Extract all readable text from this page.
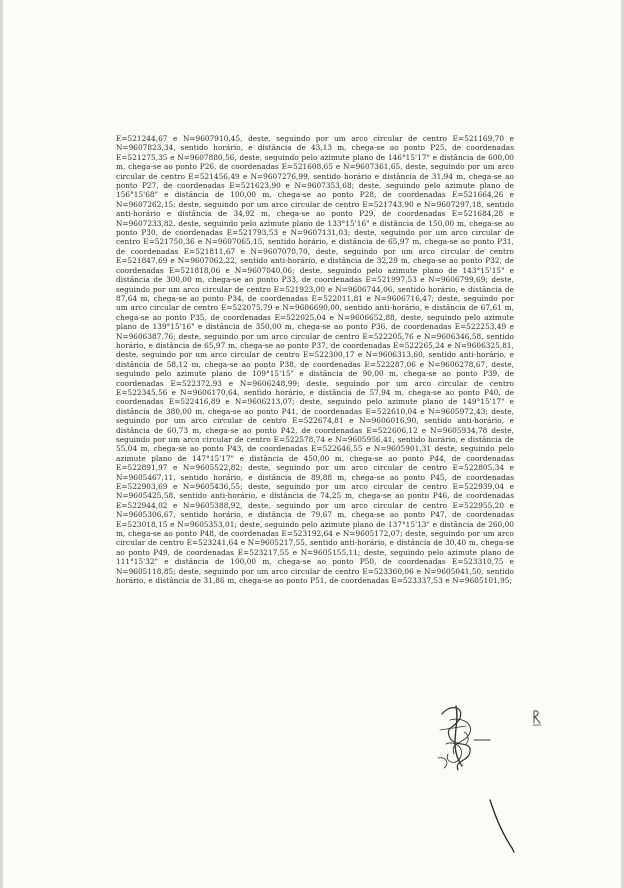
E=521244,67 e N=9607910,45, deste, seguindo por um arco circular de centro E=521169,70 e N=9607823,34, sentido horário, e distância de 43,13 m, chega-se ao ponto P25, de coordenadas E=521275,35 e N=9607880,56, deste, seguindo pelo azimute plano de 146°15'17" e distância de 600,00 m, chega-se ao ponto P26, de coordenadas E=521608,65 e N=9607361,65, deste, seguindo por um arco circular de centro E=521456,49 e N=9607276,99, sentido horário e distância de 31,94 m, chega-se ao ponto P27, de coordenadas E=521623,90 e N=9607353,68; deste, seguindo pelo azimute plano de 156°15'68" e distância de 100,00 m, chega-se ao ponto P28, de coordenadas E=521664,26 e N=9607262,15; deste, seguindo por um arco circular de centro E=521743,90 e N=9607297,18, sentido anti-horário e distância de 34,92 m, chega-se ao ponto P29, de coordenadas E=521684,28 e N=9607233,82, deste, seguindo pelo azimute plano de 133°15'16" e distância de 150,00 m, chega-se ao ponto P30, de coordenadas E=521793,53 e N=9607131,03; deste, seguindo por um arco circular de centro E=521750,36 e N=9607065,15, sentido horário, e distância de 65,97 m, chega-se ao ponto P31, de coordenadas E=521811,67 e N=9607070,70, deste, seguindo por um arco circular de centro E=521847,69 e N=9607062,22, sentido anti-horário, e distância de 32,29 m, chega-se ao ponto P32, de coordenadas E=521818,06 e N=9607040,06; deste, seguindo pelo azimute plano de 143°15'15" e distância de 300,00 m, chega-se ao ponto P33, de coordenadas E=521997,53 e N=9606799,69; deste, seguindo por um arco circular de centro E=521923,00 e N=9606744,06, sentido horário, e distância de 87,64 m, chega-se ao ponto P34, de coordenadas E=522011,81 e N=9606716,47; deste, seguindo por um arco circular de centro E=522075,79 e N=9606690,00, sentido anti-horário, e distância de 67,61 m, chega-se ao ponto P35, de coordenadas E=522025,04 e N=9606652,88, deste, seguindo pelo azimute plano de 139°15'16" e distância de 350,00 m, chega-se ao ponto P36, de coordenadas E=522253,49 e N=9606387,76; deste, seguindo por um arco circular de centro E=522205,76 e N=9606346,58, sentido horário, e distância de 65,97 m, chega-se ao ponto P37, de coordenadas E=522265,24 e N=9606325,81, deste, seguindo por um arco circular de centro E=522300,17 e N=9606313,60, sentido anti-horário, e distância de 58,12 m, chega-se ao ponto P38, de coordenadas E=522287,06 e N=9606278,67, deste, seguindo pelo azimute plano de 109°15'15" e distância de 90,00 m, chega-se ao ponto P39, de coordenadas E=522372,93 e N=9606248,99; deste, seguindo por um arco circular de centro E=522345,56 e N=9606170,64, sentido horário, e distância de 57,94 m, chega-se ao ponto P40, de coordenadas E=522416,89 e N=9606213,07; deste, seguindo pelo azimute plano de 149°15'17" e distância de 380,00 m, chega-se ao ponto P41, de coordenadas E=522610,04 e N=9605972,43; deste, seguindo por um arco circular de centro E=522674,81 e N=9606016,90, sentido anti-horário, e distância de 60,73 m, chega-se ao ponto P42, de coordenadas E=522606,12 e N=9605934,78 deste, seguindo por um arco circular de centro E=522578,74 e N=9605956,41, sentido horário, e distância de 55,04 m, chega-se ao ponto P43, de coordenadas E=522646,55 e N=9605901,31 deste, seguindo pelo azimute plano de 147°15'17" e distância de 450,00 m, chega-se ao ponto P44, de coordenadas E=522891,97 e N=9605522,82; deste, seguindo por um arco circular de centro E=522805,34 e N=9605467,11, sentido horário, e distância de 89,88 m, chega-se ao ponto P45, de coordenadas E=522903,69 e N=9605436,55; deste, seguindo por um arco circular de centro E=522939,04 e N=9605425,58, sentido anti-horário, e distância de 74,25 m, chega-se ao ponto P46, de coordenadas E=522944,02 e N=9605388,92, deste, seguindo por um arco circular de centro E=522955,20 e N=9605306,67, sentido horário, e distância de 79,67 m, chega-se ao ponto P47, de coordenadas E=523018,15 e N=9605353,01; deste, seguindo pelo azimute plano de 137°15'13" e distância de 260,00 m, chega-se ao ponto P48, de coordenadas E=523192,64 e N=9605172,07; deste, seguindo por um arco circular de centro E=523241,64 e N=9605217,55, sentido anti-horário, e distância de 30,40 m, chega-se ao ponto P49, de coordenadas E=523217,55 e N=9605155,11; deste, seguindo pelo azimute plano de 111°15'32" e distância de 100,00 m, chega-se ao ponto P50, de coordenadas E=523310,75 e N=9605118,85; deste, seguindo por um arco circular de centro E=523360,06 e N=9605041,50, sentido horário, e distância de 31,86 m, chega-se ao ponto P51, de coordenadas E=523337,53 e N=9605101,95;
